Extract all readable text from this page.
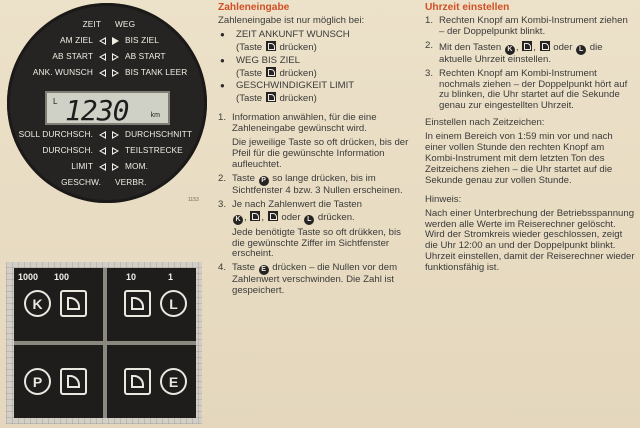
ZEIT WEG
AM ZIEL	BIS ZIEL
AB START	AB START
ANK. WUNSCH	BIS TANK LEER
L 1230	km
SOLL DURCHSCH.	DURCHSCHNITT
DURCHSCH.	TEILSTRECKE
LIMIT	MOM.
GESCHW. VERBR.
1153
1000 100	10	1
K	L
P	E
Zahleneingabe

Zahleneingabe ist nur möglich bei:

● ZEIT ANKUNFT WUNSCH
(Taste drücken)
● WEG BIS ZIEL
(Taste drücken)
● GESCHWINDIGKEIT LIMIT
(Taste drücken)
1. Information anwählen, für die eine Zahleneingabe gewünscht wird.

Die jeweilige Taste so oft drücken, bis der Pfeil für die gewünschte Information aufleuchtet.

2. Taste P so lange drücken, bis im Sichtfenster 4 bzw. 3 Nullen erscheinen.

3. Je nach Zahlenwert die Tasten
K , ,  oder L drücken.

Jede benötigte Taste so oft drükken, bis die gewünschte Ziffer im Sichtfenster erscheint.

4. Taste E drücken – die Nullen vor dem Zahlenwert verschwinden. Die Zahl ist gespeichert.

Uhrzeit einstellen
1. Rechten Knopf am Kombi-Instrument ziehen – der Doppelpunkt blinkt.

2. Mit den Tasten K , ,  oder L die aktuelle Uhrzeit einstellen.

3. Rechten Knopf am Kombi-Instrument nochmals ziehen – der Doppelpunkt hört auf zu blinken, die Uhr startet auf die Sekunde genau zur eingestellten Uhrzeit.

Einstellen nach Zeitzeichen:

In einem Bereich von 1:59 min vor und nach einer vollen Stunde den rechten Knopf am Kombi-Instrument mit dem letzten Ton des Zeitzeichens ziehen – die Uhr startet auf die Sekunde genau zur vollen Stunde.

Hinweis:

Nach einer Unterbrechung der Betriebsspannung werden alle Werte im Reiserechner gelöscht.

Wird der Stromkreis wieder geschlossen, zeigt die Uhr 12:00 an und der Doppelpunkt blinkt.

Uhrzeit einstellen, damit der Reiserechner wieder funktionsfähig ist.
